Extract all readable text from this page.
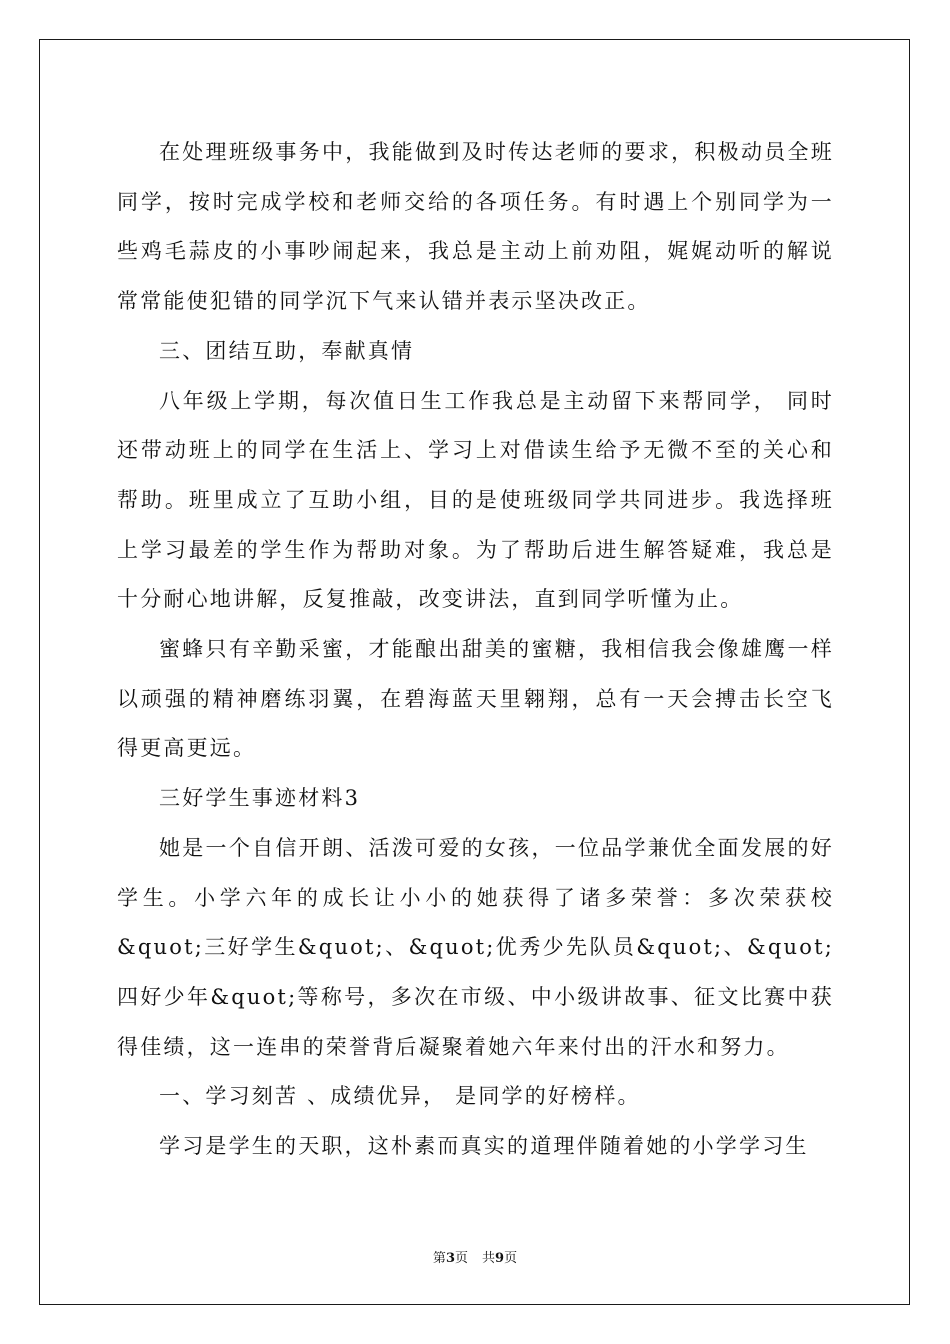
在处理班级事务中，我能做到及时传达老师的要求，积极动员全班同学，按时完成学校和老师交给的各项任务。有时遇上个别同学为一些鸡毛蒜皮的小事吵闹起来，我总是主动上前劝阻，娓娓动听的解说常常能使犯错的同学沉下气来认错并表示坚决改正。

三、团结互助，奉献真情

八年级上学期，每次值日生工作我总是主动留下来帮同学， 同时还带动班上的同学在生活上、学习上对借读生给予无微不至的关心和帮助。班里成立了互助小组，目的是使班级同学共同进步。我选择班上学习最差的学生作为帮助对象。为了帮助后进生解答疑难，我总是十分耐心地讲解，反复推敲，改变讲法，直到同学听懂为止。

蜜蜂只有辛勤采蜜，才能酿出甜美的蜜糖，我相信我会像雄鹰一样以顽强的精神磨练羽翼，在碧海蓝天里翱翔，总有一天会搏击长空飞得更高更远。

三好学生事迹材料3

她是一个自信开朗、活泼可爱的女孩，一位品学兼优全面发展的好学生。小学六年的成长让小小的她获得了诸多荣誉：多次荣获校&quot;三好学生&quot;、&quot;优秀少先队员&quot;、&quot;四好少年&quot;等称号，多次在市级、中小级讲故事、征文比赛中获得佳绩，这一连串的荣誉背后凝聚着她六年来付出的汗水和努力。

一、学习刻苦 、成绩优异， 是同学的好榜样。

学习是学生的天职，这朴素而真实的道理伴随着她的小学学习生

第3页 共9页
